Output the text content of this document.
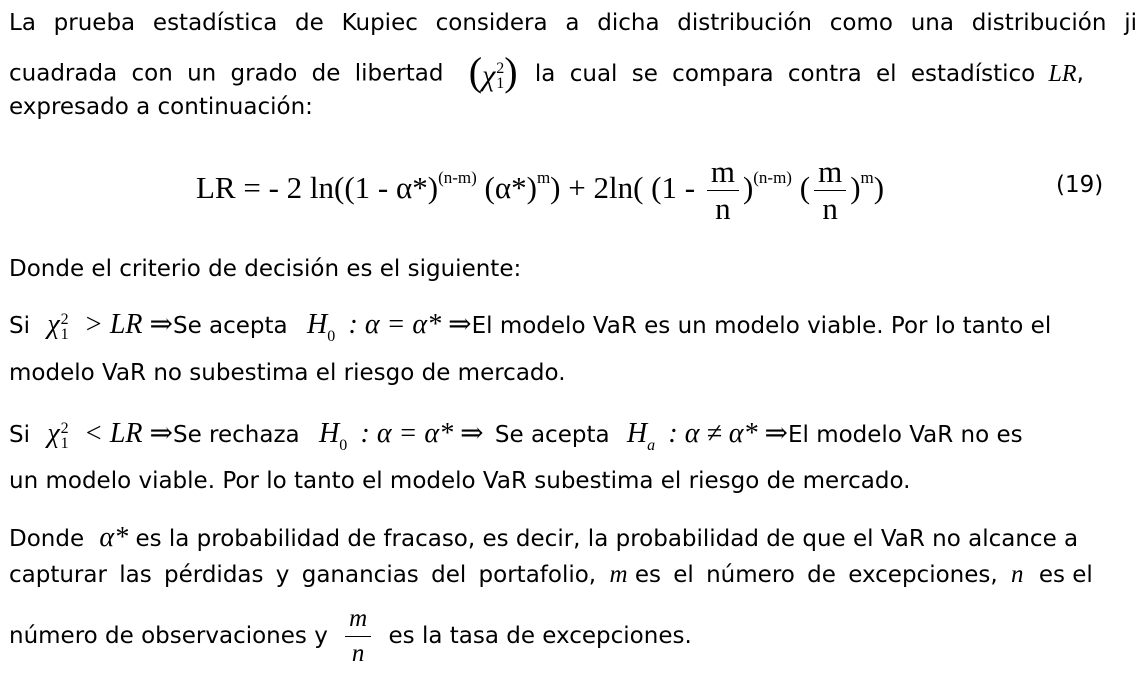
La prueba estadística de Kupiec considera a dicha distribución como una distribución ji
cuadrada con un grado de libertad (χ 2
1 ) la cual se compara contra el estadístico LR,
expresado a continuación:
LR = - 2 ln((1 - α*)$^{(n-m)}$ $(\alpha*)^m) + 2\ln$( $(1 - \frac{m}{n} )^{(n-m)}$ ( $\frac{m}{n} )^m$)	(19)
Donde el criterio de decisión es el siguiente:
Si χ 2
1 > LR ⇒Se acepta $H_0$ : α = α* ⇒El modelo VaR es un modelo viable. Por lo tanto el
modelo VaR no subestima el riesgo de mercado.
Si χ 2
1 < LR ⇒Se rechaza $H_0$ : α = α* ⇒ Se acepta $H_a$ : α ≠ α* ⇒El modelo VaR no es
un modelo viable. Por lo tanto el modelo VaR subestima el riesgo de mercado.
Donde α* es la probabilidad de fracaso, es decir, la probabilidad de que el VaR no alcance a
capturar las pérdidas y ganancias del portafolio, m es el número de excepciones, n es el
número de observaciones y $\frac{m}{n}$ es la tasa de excepciones.
